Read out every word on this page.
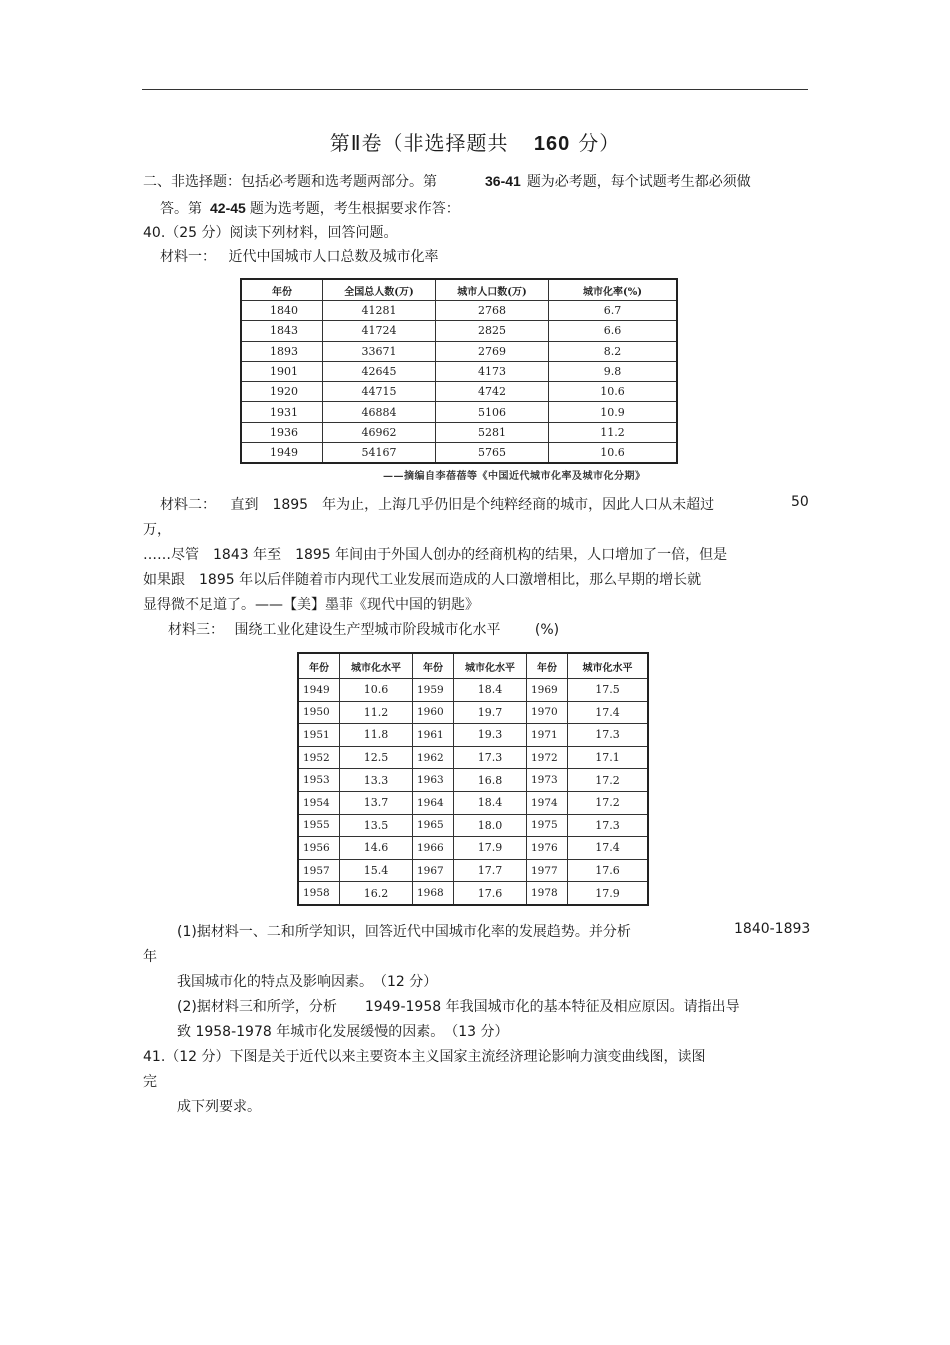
第Ⅱ卷（非选择题共 160 分）
二、非选择题：包括必考题和选考题两部分。第	36-41 题为必考题，每个试题考生都必须做
答。第 42-45 题为选考题，考生根据要求作答：
40.（25 分）阅读下列材料，回答问题。
材料一： 近代中国城市人口总数及城市化率
年份	全国总人数(万)	城市人口数(万)	城市化率(%)
1840	41281	2768	6.7
1843	41724	2825	6.6
1893	33671	2769	8.2
1901	42645	4173	9.8
1920	44715	4742	10.6
1931	46884	5106	10.9
1936	46962	5281	11.2
1949	54167	5765	10.6
——摘编自李蓓蓓等《中国近代城市化率及城市化分期》
材料二： 直到　1895　年为止，上海几乎仍旧是个纯粹经商的城市，因此人口从未超过	50
万，
……尽管　1843 年至　1895 年间由于外国人创办的经商机构的结果，人口增加了一倍，但是
如果跟　1895 年以后伴随着市内现代工业发展而造成的人口激增相比，那么早期的增长就
显得微不足道了。——【美】墨菲《现代中国的钥匙》
材料三： 围绕工业化建设生产型城市阶段城市化水平 (%)
年份	城市化水平	年份	城市化水平	年份	城市化水平
1949	10.6	1959	18.4	1969	17.5
1950	11.2	1960	19.7	1970	17.4
1951	11.8	1961	19.3	1971	17.3
1952	12.5	1962	17.3	1972	17.1
1953	13.3	1963	16.8	1973	17.2
1954	13.7	1964	18.4	1974	17.2
1955	13.5	1965	18.0	1975	17.3
1956	14.6	1966	17.9	1976	17.4
1957	15.4	1967	17.7	1977	17.6
1958	16.2	1968	17.6	1978	17.9
(1)据材料一、二和所学知识，回答近代中国城市化率的发展趋势。并分析	1840-1893
年
我国城市化的特点及影响因素。　（12 分）
(2)据材料三和所学，分析　　1949-1958 年我国城市化的基本特征及相应原因。请指出导
致 1958-1978 年城市化发展缓慢的因素。　（13 分）
41.（12 分）下图是关于近代以来主要资本主义国家主流经济理论影响力演变曲线图，读图
完
成下列要求。
